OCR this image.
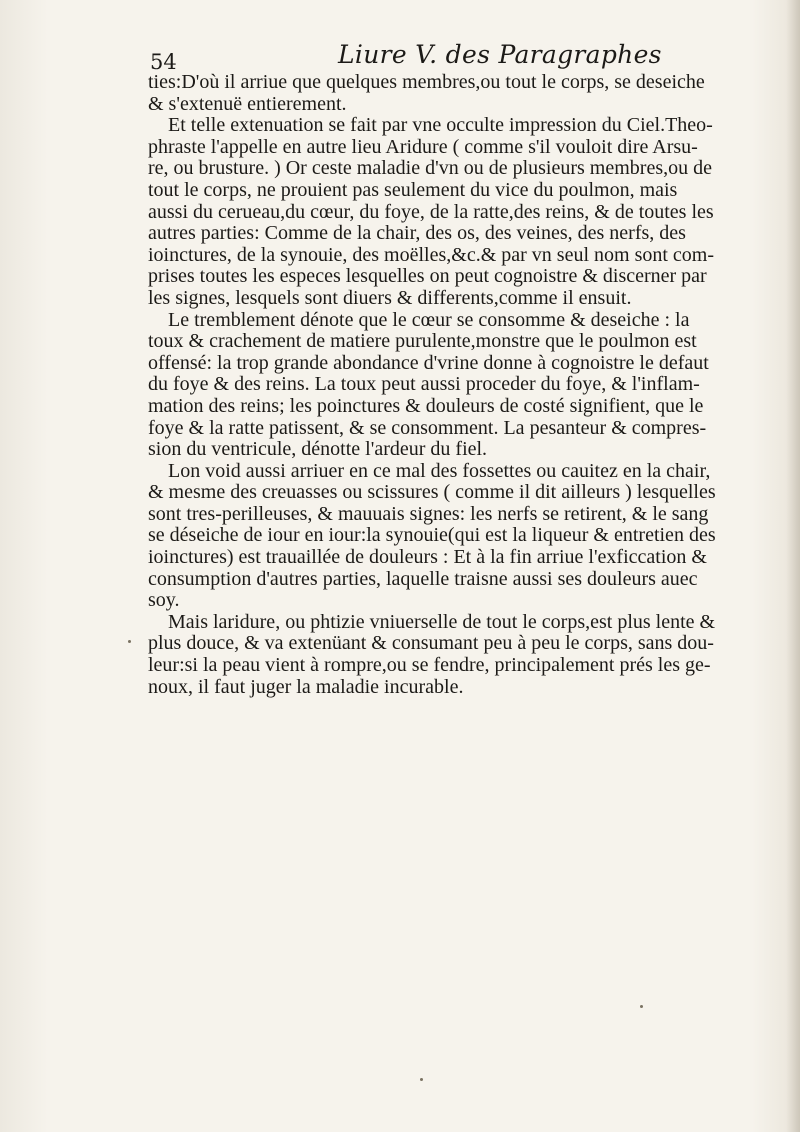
54	Liure V. des Paragraphes
ties:D'où il arriue que quelques membres,ou tout le corps, se deseiche
& s'extenuë entierement.
Et telle extenuation se fait par vne occulte impression du Ciel.Theo-
phraste l'appelle en autre lieu Aridure ( comme s'il vouloit dire Arsu-
re, ou brusture. ) Or ceste maladie d'vn ou de plusieurs membres,ou de
tout le corps, ne prouient pas seulement du vice du poulmon, mais
aussi du cerueau,du cœur, du foye, de la ratte,des reins, & de toutes les
autres parties: Comme de la chair, des os, des veines, des nerfs, des
ioinctures, de la synouie, des moëlles,&c.& par vn seul nom sont com-
prises toutes les especes lesquelles on peut cognoistre & discerner par
les signes, lesquels sont diuers & differents,comme il ensuit.
Le tremblement dénote que le cœur se consomme & deseiche : la
toux & crachement de matiere purulente,monstre que le poulmon est
offensé: la trop grande abondance d'vrine donne à cognoistre le defaut
du foye & des reins. La toux peut aussi proceder du foye, & l'inflam-
mation des reins; les poinctures & douleurs de costé signifient, que le
foye & la ratte patissent, & se consomment. La pesanteur & compres-
sion du ventricule, dénotte l'ardeur du fiel.
Lon void aussi arriuer en ce mal des fossettes ou cauitez en la chair,
& mesme des creuasses ou scissures ( comme il dit ailleurs ) lesquelles
sont tres-perilleuses, & mauuais signes: les nerfs se retirent, & le sang
se déseiche de iour en iour:la synouie(qui est la liqueur & entretien des
ioinctures) est trauaillée de douleurs : Et à la fin arriue l'exficcation &
consumption d'autres parties, laquelle traisne aussi ses douleurs auec
soy.
Mais laridure, ou phtizie vniuerselle de tout le corps,est plus lente &
plus douce, & va extenüant & consumant peu à peu le corps, sans dou-
leur:si la peau vient à rompre,ou se fendre, principalement prés les ge-
noux, il faut juger la maladie incurable.
